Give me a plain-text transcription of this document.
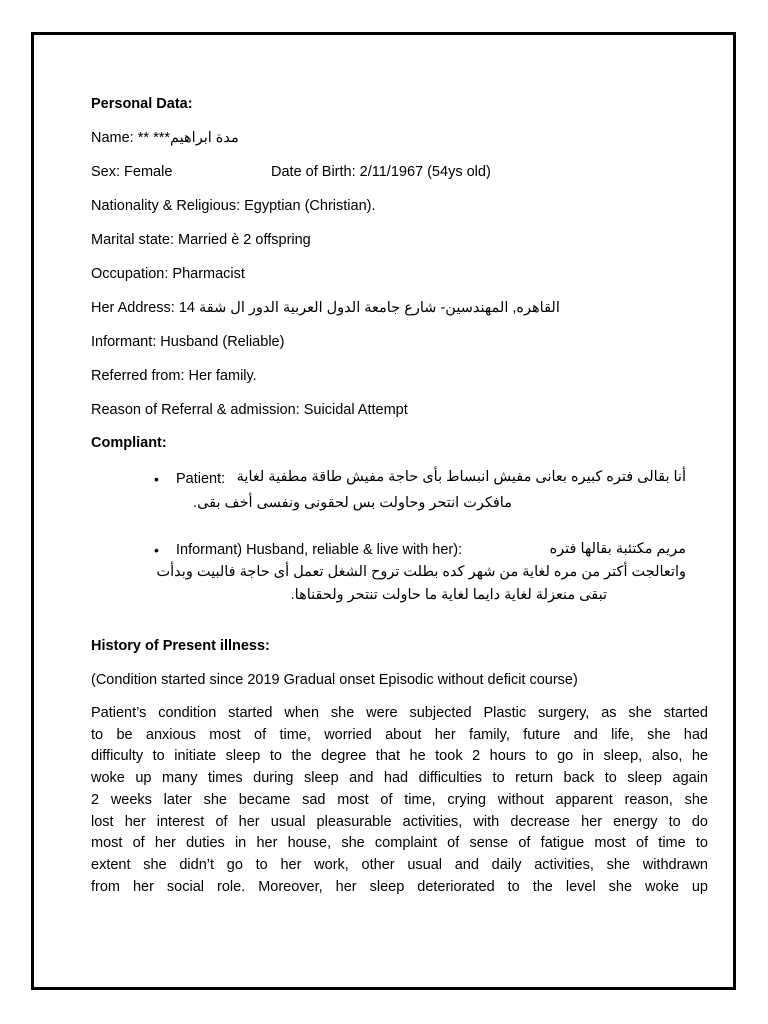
Personal Data:
Name: ** مدة ابراهيم***
Sex: Female	Date of Birth: 2/11/1967 (54ys old)
Nationality & Religious: Egyptian (Christian).
Marital state: Married è 2 offspring
Occupation: Pharmacist
Her Address: 14 القاهره, المهندسين- شارع جامعة الدول العربية الدور ال شقة
Informant: Husband (Reliable)
Referred from: Her family.
Reason of Referral & admission: Suicidal Attempt
Compliant:
• Patient: أنا بقالى فتره كبيره بعانى مفيش انبساط بأى حاجة مفيش طاقة مطفية لغاية
مافكرت انتحر وحاولت بس لحقونى ونفسى أخف بقى.
• Informant) Husband, reliable & live with her):	مريم مكتئبة بقالها فتره
واتعالجت أكتر من مره لغاية من شهر كده بطلت تروح الشغل تعمل أى حاجة فالبيت وبدأت
تبقى منعزلة لغاية دايما لغاية ما حاولت تنتحر ولحقناها.
History of Present illness:
(Condition started since 2019 Gradual onset Episodic without deficit course)
Patient’s condition started when she were subjected Plastic surgery, as she started
to be anxious most of time, worried about her family, future and life, she had
difficulty to initiate sleep to the degree that he took 2 hours to go in sleep, also, he
woke up many times during sleep and had difficulties to return back to sleep again
2 weeks later she became sad most of time, crying without apparent reason, she
lost her interest of her usual pleasurable activities, with decrease her energy to do
most of her duties in her house, she complaint of sense of fatigue most of time to
extent she didn’t go to her work, other usual and daily activities, she withdrawn
from her social role. Moreover, her sleep deteriorated to the level she woke up
